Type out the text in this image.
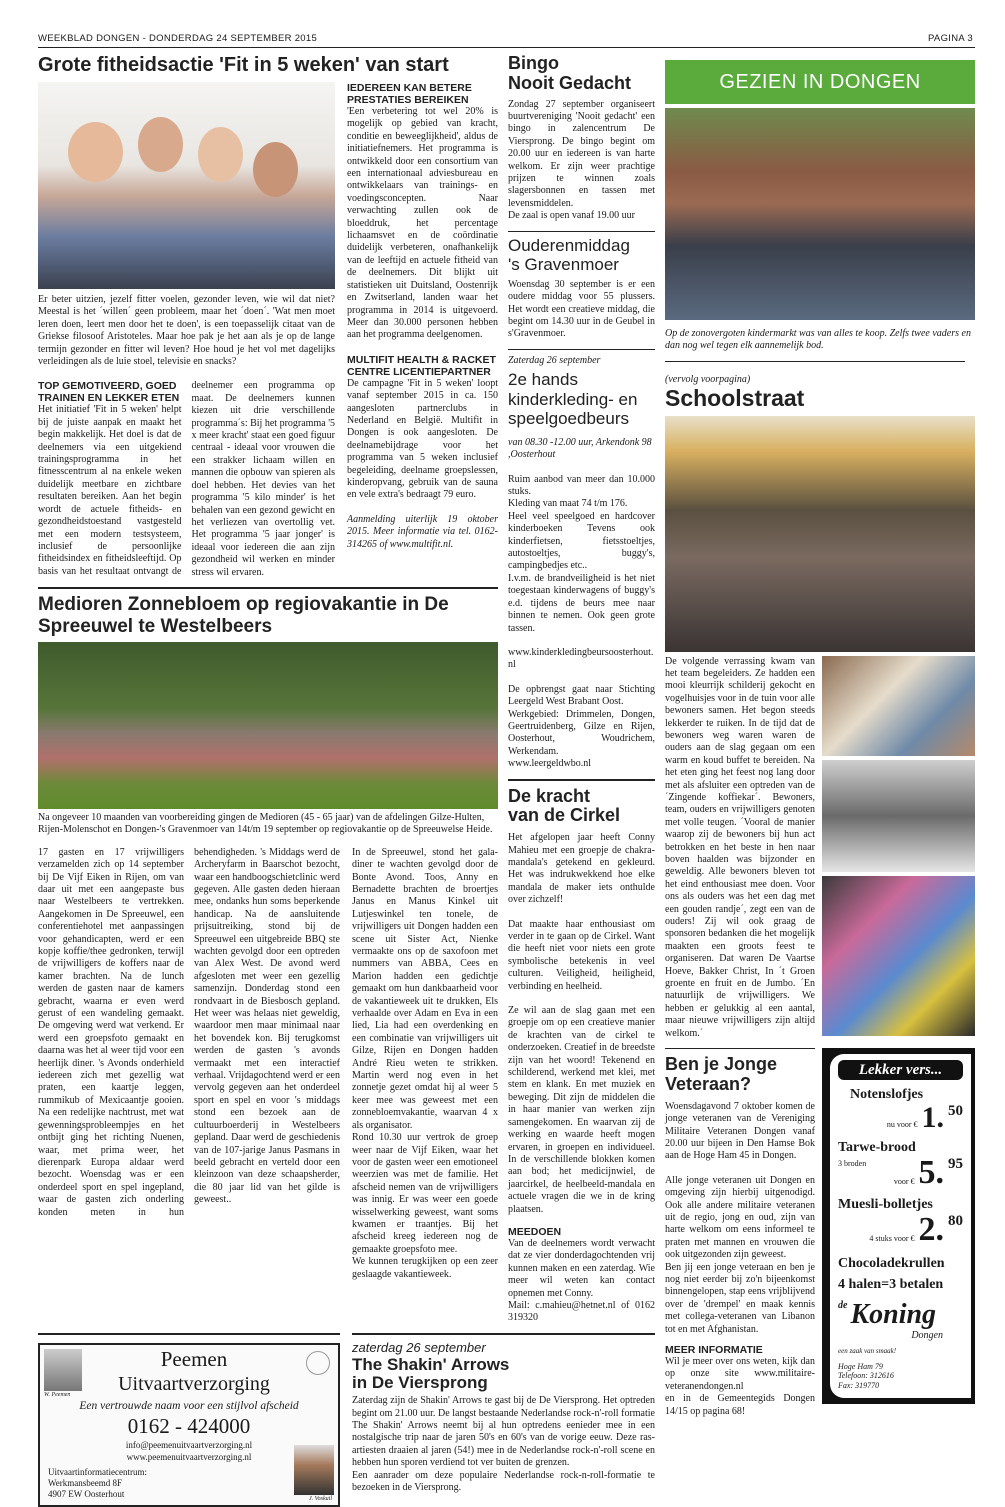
WEEKBLAD DONGEN - DONDERDAG 24 SEPTEMBER 2015	PAGINA 3
Grote fitheidsactie 'Fit in 5 weken' van start
Er beter uitzien, jezelf fitter voelen, gezonder leven, wie wil dat niet? Meestal is het ´willen´ geen probleem, maar het ´doen´. 'Wat men moet leren doen, leert men door het te doen', is een toepasselijk citaat van de Griekse filosoof Aristoteles. Maar hoe pak je het aan als je op de lange termijn gezonder en fitter wil leven? Hoe houd je het vol met dagelijks verleidingen als de luie stoel, televisie en snacks?
TOP GEMOTIVEERD, GOED TRAINEN EN LEKKER ETEN
Het initiatief 'Fit in 5 weken' helpt bij de juiste aanpak en maakt het begin makkelijk. Het doel is dat de deelnemers via een uitgekiend trainingsprogramma in het fitnesscentrum al na enkele weken duidelijk meetbare en zichtbare resultaten bereiken. Aan het begin wordt de actuele fitheids- en gezondheidstoestand vastgesteld met een modern testsysteem, inclusief de persoonlijke fitheidsindex en fitheidsleeftijd. Op basis van het resultaat ontvangt de deelnemer een programma op maat. De deelnemers kunnen kiezen uit drie verschillende programma´s: Bij het programma '5 x meer kracht' staat een goed figuur centraal - ideaal voor vrouwen die een strakker lichaam willen en mannen die opbouw van spieren als doel hebben. Het devies van het programma '5 kilo minder' is het behalen van een gezond gewicht en het verliezen van overtollig vet. Het programma '5 jaar jonger' is ideaal voor iedereen die aan zijn gezondheid wil werken en minder stress wil ervaren.
IEDEREEN KAN BETERE PRESTATIES BEREIKEN
'Een verbetering tot wel 20% is mogelijk op gebied van kracht, conditie en beweeglijkheid', aldus de initiatiefnemers. Het programma is ontwikkeld door een consortium van een internationaal adviesbureau en ontwikkelaars van trainings- en voedingsconcepten. Naar verwachting zullen ook de bloeddruk, het percentage lichaamsvet en de coördinatie duidelijk verbeteren, onafhankelijk van de leeftijd en actuele fitheid van de deelnemers. Dit blijkt uit statistieken uit Duitsland, Oostenrijk en Zwitserland, landen waar het programma in 2014 is uitgevoerd. Meer dan 30.000 personen hebben aan het programma deelgenomen.
MULTIFIT HEALTH & RACKET CENTRE LICENTIEPARTNER
De campagne 'Fit in 5 weken' loopt vanaf september 2015 in ca. 150 aangesloten partnerclubs in Nederland en België. Multifit in Dongen is ook aangesloten. De deelnamebijdrage voor het programma van 5 weken inclusief begeleiding, deelname groepslessen, kinderopvang, gebruik van de sauna en vele extra's bedraagt 79 euro.
Aanmelding uiterlijk 19 oktober 2015. Meer informatie via tel. 0162-314265 of www.multifit.nl.
Medioren Zonnebloem op regiovakantie in De Spreeuwel te Westelbeers
Na ongeveer 10 maanden van voorbereiding gingen de Medioren (45 - 65 jaar) van de afdelingen Gilze-Hulten, Rijen-Molenschot en Dongen-'s Gravenmoer van 14t/m 19 september op regiovakantie op de Spreeuwelse Heide.
17 gasten en 17 vrijwilligers verzamelden zich op 14 september bij De Vijf Eiken in Rijen, om van daar uit met een aangepaste bus naar Westelbeers te vertrekken. Aangekomen in De Spreeuwel, een conferentiehotel met aanpassingen voor gehandicapten, werd er een kopje koffie/thee gedronken, terwijl de vrijwilligers de koffers naar de kamer brachten. Na de lunch werden de gasten naar de kamers gebracht, waarna er even werd gerust of een wandeling gemaakt. De omgeving werd wat verkend. Er werd een groepsfoto gemaakt en daarna was het al weer tijd voor een heerlijk diner. 's Avonds onderhield iedereen zich met gezellig wat praten, een kaartje leggen, rummikub of Mexicaantje gooien. Na een redelijke nachtrust, met wat gewenningsprobleempjes en het ontbijt ging het richting Nuenen, waar, met prima weer, het dierenpark Europa aldaar werd bezocht. Woensdag was er een onderdeel sport en spel ingepland, waar de gasten zich onderling konden meten in hun behendigheden. 's Middags werd de Archeryfarm in Baarschot bezocht, waar een handboogschietclinic werd gegeven. Alle gasten deden hieraan mee, ondanks hun soms beperkende handicap. Na de aansluitende prijsuitreiking, stond bij de Spreeuwel een uitgebreide BBQ ste wachten gevolgd door een optreden van Alex West. De avond werd afgesloten met weer een gezellig samenzijn. Donderdag stond een rondvaart in de Biesbosch gepland. Het weer was helaas niet geweldig, waardoor men maar minimaal naar het bovendek kon. Bij terugkomst werden de gasten 's avonds vermaakt met een interactief verhaal. Vrijdagochtend werd er een vervolg gegeven aan het onderdeel sport en spel en voor 's middags stond een bezoek aan de cultuurboerderij in Westelbeers gepland. Daar werd de geschiedenis van de 107-jarige Janus Pasmans in beeld gebracht en verteld door een kleinzoon van deze schaapsherder, die 80 jaar lid van het gilde is geweest..
In de Spreeuwel, stond het gala-diner te wachten gevolgd door de Bonte Avond. Toos, Anny en Bernadette brachten de broertjes Janus en Manus Kinkel uit Lutjeswinkel ten tonele, de vrijwilligers uit Dongen hadden een scene uit Sister Act, Nienke vermaakte ons op de saxofoon met nummers van ABBA, Cees en Marion hadden een gedichtje gemaakt om hun dankbaarheid voor de vakantieweek uit te drukken, Els verhaalde over Adam en Eva in een lied, Lia had een overdenking en een combinatie van vrijwilligers uit Gilze, Rijen en Dongen hadden André Rieu weten te strikken. Martin werd nog even in het zonnetje gezet omdat hij al weer 5 keer mee was geweest met een zonnebloemvakantie, waarvan 4 x als organisator.
Rond 10.30 uur vertrok de groep weer naar de Vijf Eiken, waar het voor de gasten weer een emotioneel weerzien was met de familie. Het afscheid nemen van de vrijwilligers was innig. Er was weer een goede wisselwerking geweest, want soms kwamen er traantjes. Bij het afscheid kreeg iedereen nog de gemaakte groepsfoto mee.
We kunnen terugkijken op een zeer geslaagde vakantieweek.
Bingo
Nooit Gedacht
Zondag 27 september organiseert buurtvereniging 'Nooit gedacht' een bingo in zalencentrum De Viersprong. De bingo begint om 20.00 uur en iedereen is van harte welkom. Er zijn weer prachtige prijzen te winnen zoals slagersbonnen en tassen met levensmiddelen.
De zaal is open vanaf 19.00 uur
Ouderenmiddag
's Gravenmoer
Woensdag 30 september is er een oudere middag voor 55 plussers. Het wordt een creatieve middag, die begint om 14.30 uur in de Geubel in s'Gravenmoer.
Zaterdag 26 september
2e hands kinderkleding- en speelgoedbeurs
van 08.30 -12.00 uur, Arkendonk 98 ,Oosterhout
Ruim aanbod van meer dan 10.000 stuks.
Kleding van maat 74 t/m 176.
Heel veel speelgoed en hardcover kinderboeken Tevens ook kinderfietsen, fietsstoeltjes, autostoeltjes, buggy's, campingbedjes etc..
I.v.m. de brandveiligheid is het niet toegestaan kinderwagens of buggy's e.d. tijdens de beurs mee naar binnen te nemen. Ook geen grote tassen.
www.kinderkledingbeursoosterhout.nl
De opbrengst gaat naar Stichting Leergeld West Brabant Oost.
Werkgebied: Drimmelen, Dongen, Geertruidenberg, Gilze en Rijen, Oosterhout, Woudrichem, Werkendam.
www.leergeldwbo.nl
De kracht
van de Cirkel
Het afgelopen jaar heeft Conny Mahieu met een groepje de chakra-mandala's getekend en gekleurd. Het was indrukwekkend hoe elke mandala de maker iets onthulde over zichzelf!
Dat maakte haar enthousiast om verder in te gaan op de Cirkel. Want die heeft niet voor niets een grote symbolische betekenis in veel culturen. Veiligheid, heiligheid, verbinding en heelheid.
Ze wil aan de slag gaan met een groepje om op een creatieve manier de krachten van de cirkel te onderzoeken. Creatief in de breedste zijn van het woord! Tekenend en schilderend, werkend met klei, met stem en klank. En met muziek en beweging. Dit zijn de middelen die in haar manier van werken zijn samengekomen. En waarvan zij de werking en waarde heeft mogen ervaren, in groepen en individueel. In de verschillende blokken komen aan bod; het medicijnwiel, de jaarcirkel, de heelbeeld-mandala en actuele vragen die we in de kring plaatsen.
MEEDOEN
Van de deelnemers wordt verwacht dat ze vier donderdagochtenden vrij kunnen maken en een zaterdag. Wie meer wil weten kan contact opnemen met Conny.
Mail: c.mahieu@hetnet.nl of 0162 319320
W. Peemen
Peemen
Uitvaartverzorging
Een vertrouwde naam voor een stijlvol afscheid
0162 - 424000
info@peemenuitvaartverzorging.nl
www.peemenuitvaartverzorging.nl
Uitvaartinformatiecentrum:
Werkmansbeemd 8F
4907 EW Oosterhout	J. Voskuil
zaterdag 26 september
The Shakin' Arrows
in De Viersprong
Zaterdag zijn de Shakin' Arrows te gast bij de De Viersprong. Het optreden begint om 21.00 uur. De langst bestaande Nederlandse rock-n'-roll formatie The Shakin' Arrows neemt bij al hun optredens eenieder mee in een nostalgische trip naar de jaren 50's en 60's van de vorige eeuw. Deze ras-artiesten draaien al jaren (54!) mee in de Nederlandse rock-n'-roll scene en hebben hun sporen verdiend tot ver buiten de grenzen.
Een aanrader om deze populaire Nederlandse rock-n-roll-formatie te bezoeken in de Viersprong.
GEZIEN IN DONGEN
Op de zonovergoten kindermarkt was van alles te koop. Zelfs twee vaders en dan nog wel tegen elk aannemelijk bod.
(vervolg voorpagina)
Schoolstraat
De volgende verrassing kwam van het team begeleiders. Ze hadden een mooi kleurrijk schilderij gekocht en vogelhuisjes voor in de tuin voor alle bewoners samen. Het begon steeds lekkerder te ruiken. In de tijd dat de bewoners weg waren waren de ouders aan de slag gegaan om een warm en koud buffet te bereiden. Na het eten ging het feest nog lang door met als afsluiter een optreden van de ´Zingende koffiekar´. Bewoners, team, ouders en vrijwilligers genoten met volle teugen. ´Vooral de manier waarop zij de bewoners bij hun act betrokken en het beste in hen naar boven haalden was bijzonder en geweldig. Alle bewoners bleven tot het eind enthousiast mee doen. Voor ons als ouders was het een dag met een gouden randje´, zegt een van de ouders! Zij wil ook graag de sponsoren bedanken die het mogelijk maakten een groots feest te organiseren. Dat waren De Vaartse Hoeve, Bakker Christ, In ´t Groen groente en fruit en de Jumbo. ´En natuurlijk de vrijwilligers. We hebben er gelukkig al een aantal, maar nieuwe vrijwilligers zijn altijd welkom.´
Ben je Jonge
Veteraan?
Woensdagavond 7 oktober komen de jonge veteranen van de Vereniging Militaire Veteranen Dongen vanaf 20.00 uur bijeen in Den Hamse Bok aan de Hoge Ham 45 in Dongen.
Alle jonge veteranen uit Dongen en omgeving zijn hierbij uitgenodigd. Ook alle andere militaire veteranen uit de regio, jong en oud, zijn van harte welkom om eens informeel te praten met mannen en vrouwen die ook uitgezonden zijn geweest.
Ben jij een jonge veteraan en ben je nog niet eerder bij zo'n bijeenkomst binnengelopen, stap eens vrijblijvend over de 'drempel' en maak kennis met collega-veteranen van Libanon tot en met Afghanistan.
MEER INFORMATIE
Wil je meer over ons weten, kijk dan op onze site www.militaire-veteranendongen.nl
en in de Gemeentegids Dongen 14/15 op pagina 68!
Lekker vers...
Notenslofjes
nu voor € 1. 50
Tarwe-brood
3 broden
voor € 5. 95
Muesli-bolletjes
4 stuks voor € 2. 80
Chocoladekrullen
4 halen=3 betalen
de Koning
Dongen
een zaak van smaak!
Hoge Ham 79
Telefoon: 312616
Fax: 319770
